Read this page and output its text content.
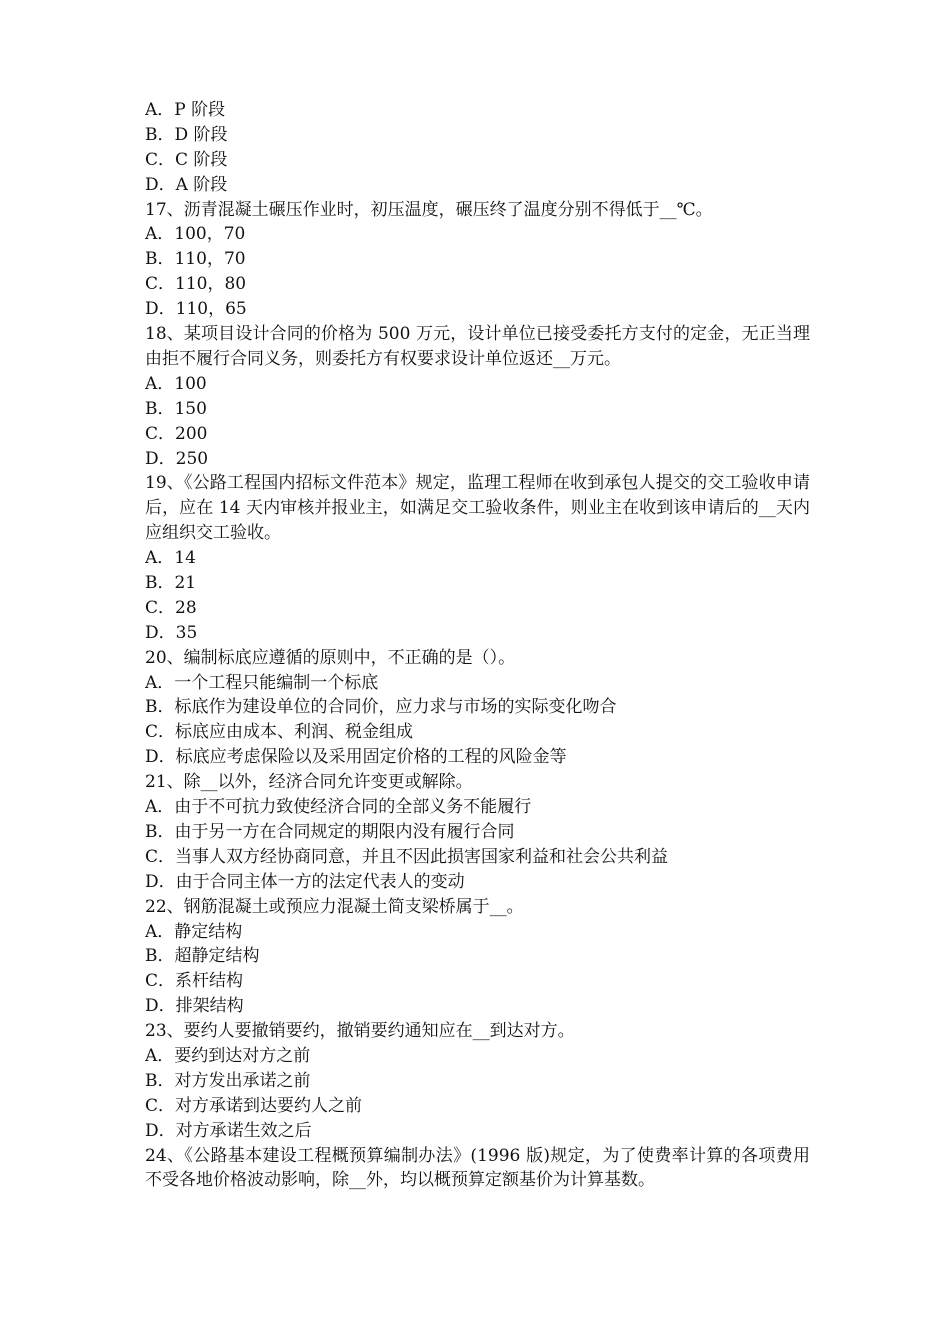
A．P 阶段
B．D 阶段
C．C 阶段
D．A 阶段

17、沥青混凝土碾压作业时，初压温度，碾压终了温度分别不得低于__℃。

A．100，70
B．110，70
C．110，80
D．110，65

18、某项目设计合同的价格为 500 万元，设计单位已接受委托方支付的定金，无正当理由拒不履行合同义务，则委托方有权要求设计单位返还__万元。

A．100
B．150
C．200
D．250

19、《公路工程国内招标文件范本》规定，监理工程师在收到承包人提交的交工验收申请后，应在 14 天内审核并报业主，如满足交工验收条件，则业主在收到该申请后的__天内应组织交工验收。

A．14
B．21
C．28
D．35

20、编制标底应遵循的原则中，不正确的是（）。

A．一个工程只能编制一个标底
B．标底作为建设单位的合同价，应力求与市场的实际变化吻合
C．标底应由成本、利润、税金组成
D．标底应考虑保险以及采用固定价格的工程的风险金等

21、除__以外，经济合同允许变更或解除。

A．由于不可抗力致使经济合同的全部义务不能履行
B．由于另一方在合同规定的期限内没有履行合同
C．当事人双方经协商同意，并且不因此损害国家利益和社会公共利益
D．由于合同主体一方的法定代表人的变动

22、钢筋混凝土或预应力混凝土简支梁桥属于__。

A．静定结构
B．超静定结构
C．系杆结构
D．排架结构

23、要约人要撤销要约，撤销要约通知应在__到达对方。

A．要约到达对方之前
B．对方发出承诺之前
C．对方承诺到达要约人之前
D．对方承诺生效之后

24、《公路基本建设工程概预算编制办法》(1996 版)规定，为了使费率计算的各项费用不受各地价格波动影响，除__外，均以概预算定额基价为计算基数。
